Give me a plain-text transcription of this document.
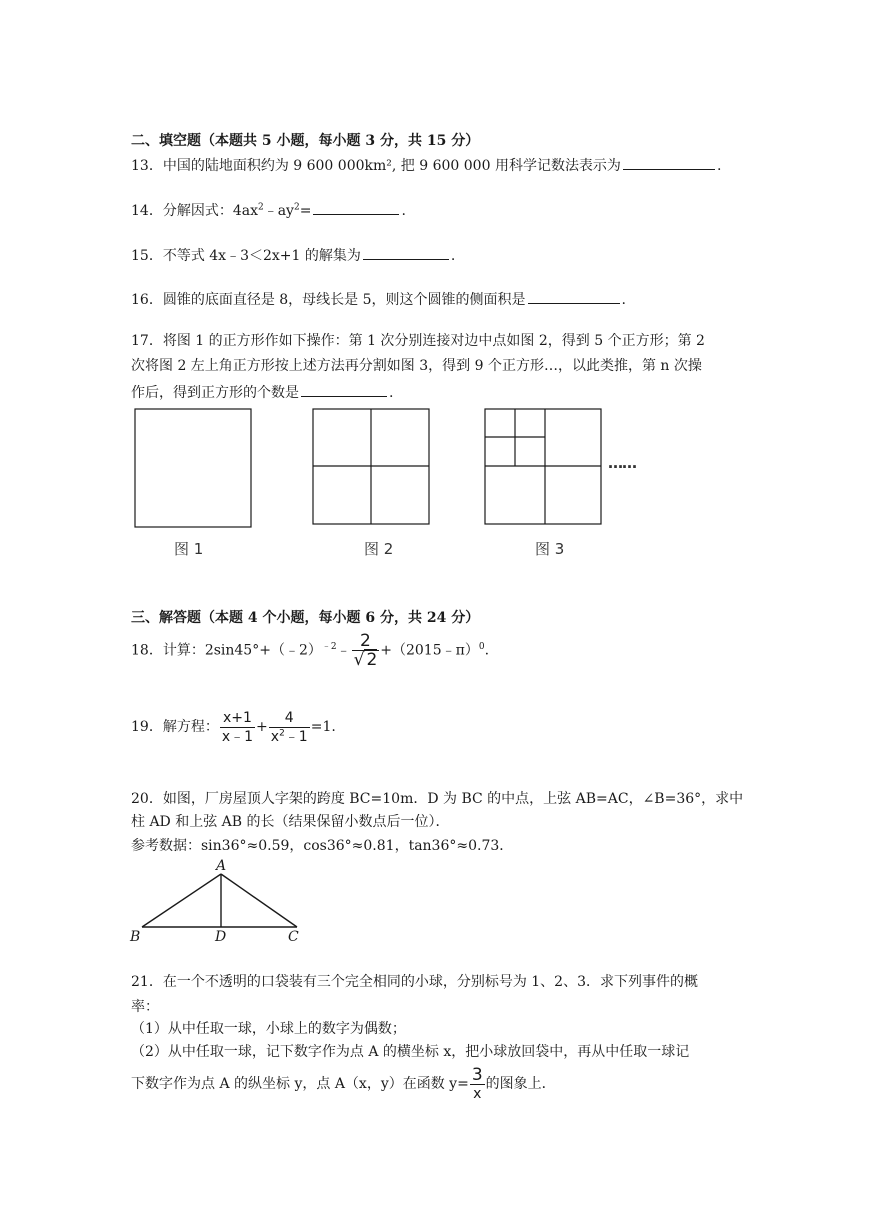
二、填空题（本题共 5 小题，每小题 3 分，共 15 分）
13．中国的陆地面积约为 9 600 000km², 把 9 600 000 用科学记数法表示为	.
14．分解因式：$4ax^2﹣ay^2=$	.
15．不等式 4x﹣3＜2x+1 的解集为	.
16．圆锥的底面直径是 8，母线长是 5，则这个圆锥的侧面积是	.
17．将图 1 的正方形作如下操作：第 1 次分别连接对边中点如图 2，得到 5 个正方形；第 2
次将图 2 左上角正方形按上述方法再分割如图 3，得到 9 个正方形…，以此类推，第 n 次操
作后，得到正方形的个数是	.
……
图 1	图 2	图 3
三、解答题（本题 4 个小题，每小题 6 分，共 24 分）
18．计算：2sin45°+（﹣2）$^{﹣2}$﹣ $\frac{2}{√ 2}$ +（2015﹣π）$^0$.
19．解方程： $\frac{x+1}{x﹣1} + \frac{4}{x^2﹣1} =1$.
20．如图，厂房屋顶人字架的跨度 BC=10m．D 为 BC 的中点，上弦 AB=AC，∠B=36°，求中
柱 AD 和上弦 AB 的长（结果保留小数点后一位）．
参考数据：sin36°≈0.59，cos36°≈0.81，tan36°≈0.73．
A
B	D	C
21．在一个不透明的口袋装有三个完全相同的小球，分别标号为 1、2、3．求下列事件的概
率：
（1）从中任取一球，小球上的数字为偶数；
（2）从中任取一球，记下数字作为点 A 的横坐标 x，把小球放回袋中，再从中任取一球记
下数字作为点 A 的纵坐标 y，点 A（x，y）在函数 $y= \frac{3}{x}$ 的图象上．
